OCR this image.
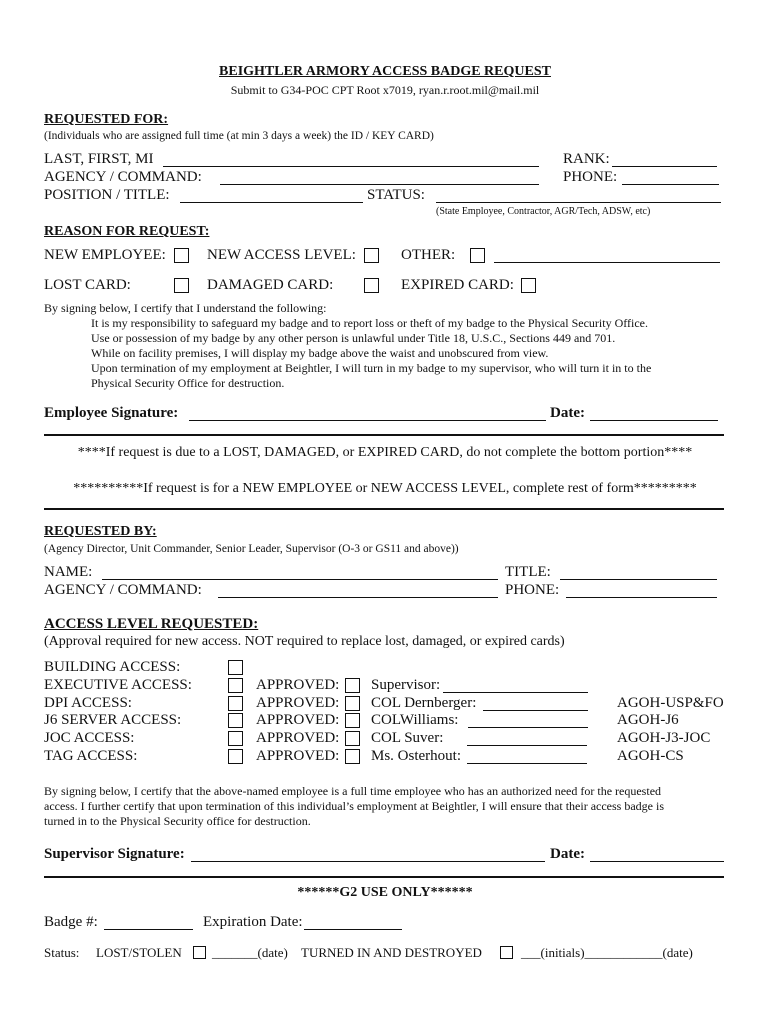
BEIGHTLER ARMORY ACCESS BADGE REQUEST
Submit to G34-POC CPT Root x7019, ryan.r.root.mil@mail.mil
REQUESTED FOR:
(Individuals who are assigned full time (at min 3 days a week) the ID / KEY CARD)
LAST, FIRST, MI	RANK:
AGENCY / COMMAND:	PHONE:
POSITION / TITLE:	STATUS:
(State Employee, Contractor, AGR/Tech, ADSW, etc)
REASON FOR REQUEST:
NEW EMPLOYEE:	NEW ACCESS LEVEL:	OTHER:
LOST CARD:	DAMAGED CARD:	EXPIRED CARD:
By signing below, I certify that I understand the following:
It is my responsibility to safeguard my badge and to report loss or theft of my badge to the Physical Security Office.
Use or possession of my badge by any other person is unlawful under Title 18, U.S.C., Sections 449 and 701.
While on facility premises, I will display my badge above the waist and unobscured from view.
Upon termination of my employment at Beightler, I will turn in my badge to my supervisor, who will turn it in to the
Physical Security Office for destruction.
Employee Signature:	Date:
****If request is due to a LOST, DAMAGED, or EXPIRED CARD, do not complete the bottom portion****
**********If request is for a NEW EMPLOYEE or NEW ACCESS LEVEL, complete rest of form*********
REQUESTED BY:
(Agency Director, Unit Commander, Senior Leader, Supervisor (O-3 or GS11 and above))
NAME:	TITLE:
AGENCY / COMMAND:	PHONE:
ACCESS LEVEL REQUESTED:
(Approval required for new access. NOT required to replace lost, damaged, or expired cards)
BUILDING ACCESS:
EXECUTIVE ACCESS:	APPROVED: Supervisor:
DPI ACCESS:	APPROVED: COL Dernberger:	AGOH-USP&FO
J6 SERVER ACCESS:	APPROVED: COLWilliams:	AGOH-J6
JOC ACCESS:	APPROVED: COL Suver:	AGOH-J3-JOC
TAG ACCESS:	APPROVED: Ms. Osterhout:	AGOH-CS
By signing below, I certify that the above-named employee is a full time employee who has an authorized need for the requested
access. I further certify that upon termination of this individual’s employment at Beightler, I will ensure that their access badge is
turned in to the Physical Security office for destruction.
Supervisor Signature:	Date:
******G2 USE ONLY******
Badge #:	Expiration Date:
Status: LOST/STOLEN _______(date) TURNED IN AND DESTROYED	___(initials)____________(date)
